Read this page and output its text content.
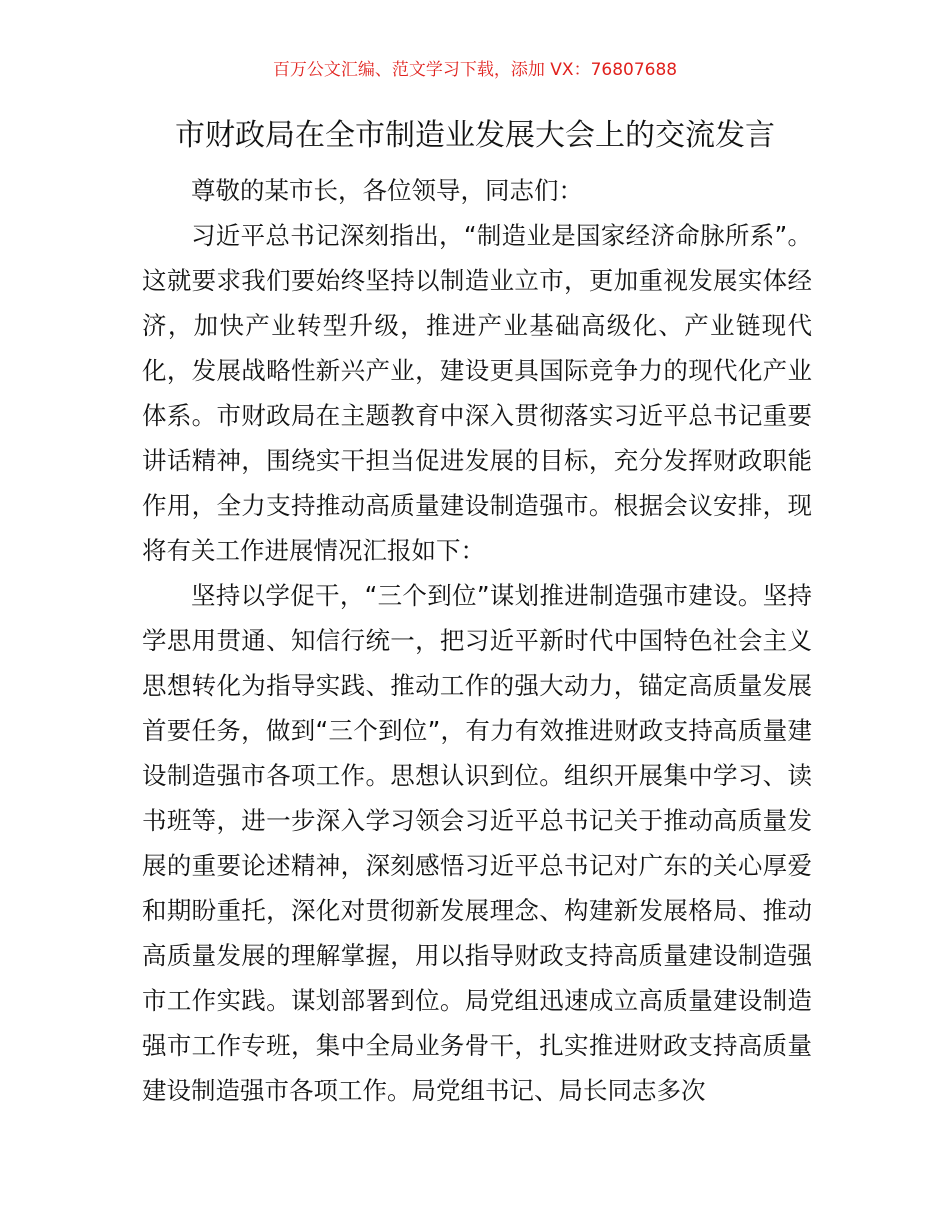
百万公文汇编、范文学习下载，添加 VX：76807688
市财政局在全市制造业发展大会上的交流发言

尊敬的某市长，各位领导，同志们：

习近平总书记深刻指出，“制造业是国家经济命脉所系”。这就要求我们要始终坚持以制造业立市，更加重视发展实体经济，加快产业转型升级，推进产业基础高级化、产业链现代化，发展战略性新兴产业，建设更具国际竞争力的现代化产业体系。市财政局在主题教育中深入贯彻落实习近平总书记重要讲话精神，围绕实干担当促进发展的目标，充分发挥财政职能作用，全力支持推动高质量建设制造强市。根据会议安排，现将有关工作进展情况汇报如下：

坚持以学促干，“三个到位”谋划推进制造强市建设。坚持学思用贯通、知信行统一，把习近平新时代中国特色社会主义思想转化为指导实践、推动工作的强大动力，锚定高质量发展首要任务，做到“三个到位”，有力有效推进财政支持高质量建设制造强市各项工作。思想认识到位。组织开展集中学习、读书班等，进一步深入学习领会习近平总书记关于推动高质量发展的重要论述精神，深刻感悟习近平总书记对广东的关心厚爱和期盼重托，深化对贯彻新发展理念、构建新发展格局、推动高质量发展的理解掌握，用以指导财政支持高质量建设制造强市工作实践。谋划部署到位。局党组迅速成立高质量建设制造强市工作专班，集中全局业务骨干，扎实推进财政支持高质量建设制造强市各项工作。局党组书记、局长同志多次
